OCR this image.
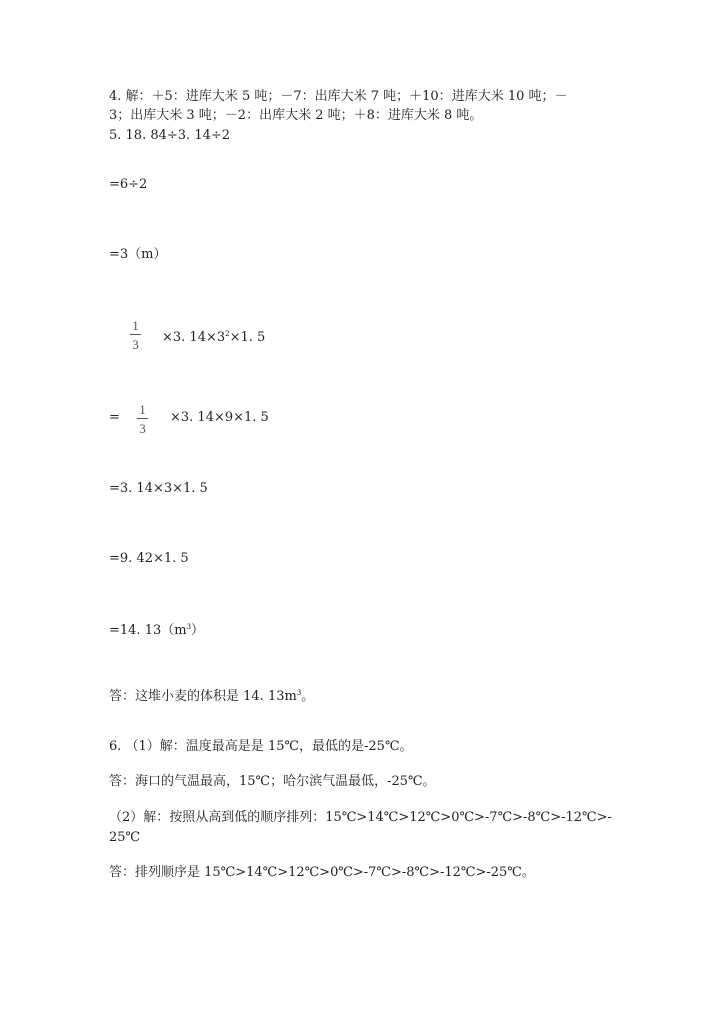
4. 解：＋5：进库大米 5 吨；－7：出库大米 7 吨；＋10：进库大米 10 吨；－
3；出库大米 3 吨；－2：出库大米 2 吨；＋8：进库大米 8 吨。
5. 18. 84÷3. 14÷2
=6÷2
=3（m）
1
3 ×3. $14\times 3^2\times 1$. 5
=
1
3
×3. 14×9×1. 5
=3. 14×3×1. 5
=9. 42×1. 5
=14. $13(m^3)$
答：这堆小麦的体积是 14. $13m^3$。
6. （1）解：温度最高是是 15℃，最低的是-25℃。
答：海口的气温最高，15℃；哈尔滨气温最低，-25℃。
（2）解：按照从高到低的顺序排列：15℃>14℃>12℃>0℃>-7℃>-8℃>-12℃>-
25℃
答：排列顺序是 15℃>14℃>12℃>0℃>-7℃>-8℃>-12℃>-25℃。
